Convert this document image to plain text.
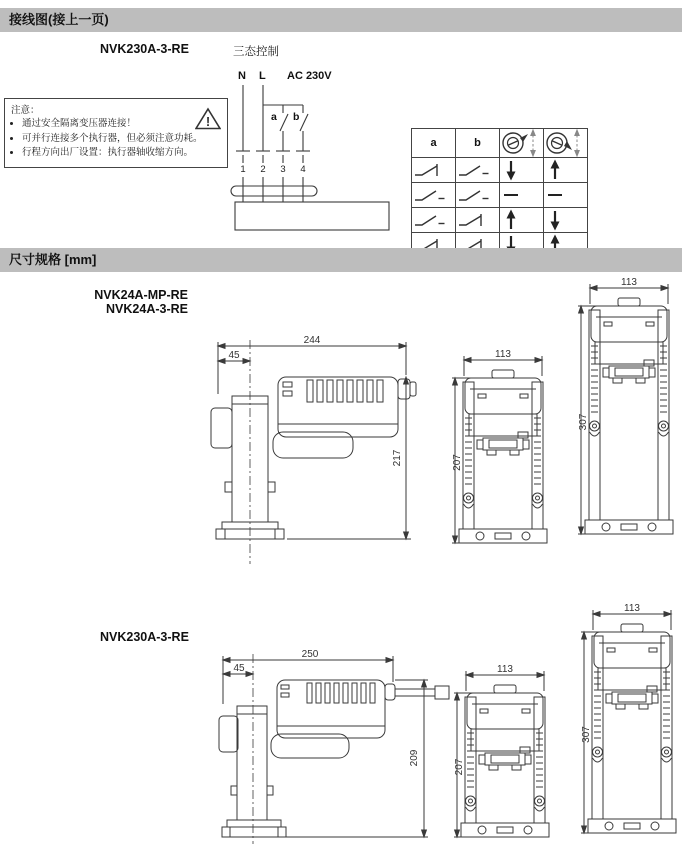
接线图(接上一页)
NVK230A-3-RE	三态控制
N L AC 230V
a b
注意：
• 通过安全隔离变压器连接！
• 可并行连接多个执行器，但必须注意功耗。
• 行程方向出厂设置：执行器轴收缩方向。
!
1	2	3	4
a	b	

尺寸规格 [mm]
NVK24A-MP-RE
NVK24A-3-RE
244
45
217
113
207
113
307
NVK230A-3-RE
250
45
209
113
207
113
307
